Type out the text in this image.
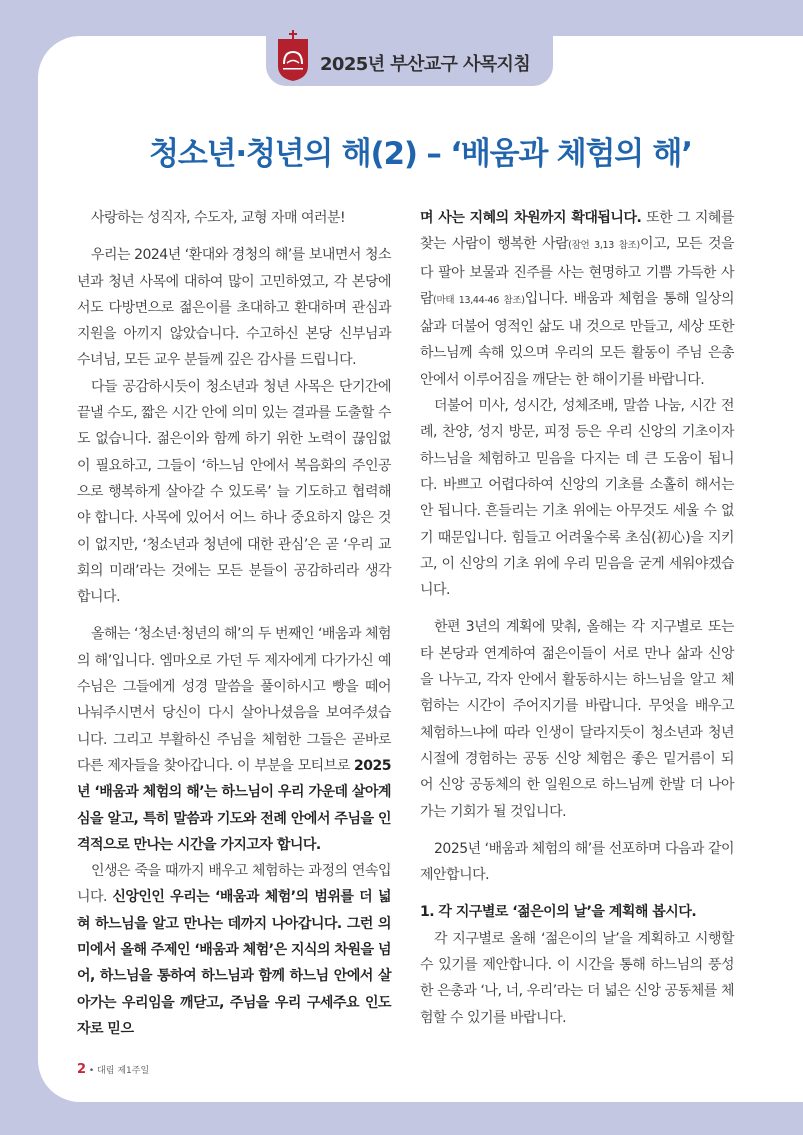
2025년 부산교구 사목지침
청소년·청년의 해(2) – ‘배움과 체험의 해’

사랑하는 성직자, 수도자, 교형 자매 여러분!

우리는 2024년 ‘환대와 경청의 해’를 보내면서 청소년과 청년 사목에 대하여 많이 고민하였고, 각 본당에서도 다방면으로 젊은이를 초대하고 환대하며 관심과 지원을 아끼지 않았습니다. 수고하신 본당 신부님과 수녀님, 모든 교우 분들께 깊은 감사를 드립니다.

다들 공감하시듯이 청소년과 청년 사목은 단기간에 끝낼 수도, 짧은 시간 안에 의미 있는 결과를 도출할 수도 없습니다. 젊은이와 함께 하기 위한 노력이 끊임없이 필요하고, 그들이 ‘하느님 안에서 복음화의 주인공으로 행복하게 살아갈 수 있도록’ 늘 기도하고 협력해야 합니다. 사목에 있어서 어느 하나 중요하지 않은 것이 없지만, ‘청소년과 청년에 대한 관심’은 곧 ‘우리 교회의 미래’라는 것에는 모든 분들이 공감하리라 생각합니다.

올해는 ‘청소년·청년의 해’의 두 번째인 ‘배움과 체험의 해’입니다. 엠마오로 가던 두 제자에게 다가가신 예수님은 그들에게 성경 말씀을 풀이하시고 빵을 떼어 나눠주시면서 당신이 다시 살아나셨음을 보여주셨습니다. 그리고 부활하신 주님을 체험한 그들은 곧바로 다른 제자들을 찾아갑니다. 이 부분을 모티브로 2025년 ‘배움과 체험의 해’는 하느님이 우리 가운데 살아계심을 알고, 특히 말씀과 기도와 전례 안에서 주님을 인격적으로 만나는 시간을 가지고자 합니다.

인생은 죽을 때까지 배우고 체험하는 과정의 연속입니다. 신앙인인 우리는 ‘배움과 체험’의 범위를 더 넓혀 하느님을 알고 만나는 데까지 나아갑니다. 그런 의미에서 올해 주제인 ‘배움과 체험’은 지식의 차원을 넘어, 하느님을 통하여 하느님과 함께 하느님 안에서 살아가는 우리임을 깨닫고, 주님을 우리 구세주요 인도자로 믿으

며 사는 지혜의 차원까지 확대됩니다. 또한 그 지혜를 찾는 사람이 행복한 사람(잠언 3,13 참조)이고, 모든 것을 다 팔아 보물과 진주를 사는 현명하고 기쁨 가득한 사람(마태 13,44-46 참조)입니다. 배움과 체험을 통해 일상의 삶과 더불어 영적인 삶도 내 것으로 만들고, 세상 또한 하느님께 속해 있으며 우리의 모든 활동이 주님 은총 안에서 이루어짐을 깨닫는 한 해이기를 바랍니다.

더불어 미사, 성시간, 성체조배, 말씀 나눔, 시간 전례, 찬양, 성지 방문, 피정 등은 우리 신앙의 기초이자 하느님을 체험하고 믿음을 다지는 데 큰 도움이 됩니다. 바쁘고 어렵다하여 신앙의 기초를 소홀히 해서는 안 됩니다. 흔들리는 기초 위에는 아무것도 세울 수 없기 때문입니다. 힘들고 어려울수록 초심(初心)을 지키고, 이 신앙의 기초 위에 우리 믿음을 굳게 세워야겠습니다.

한편 3년의 계획에 맞춰, 올해는 각 지구별로 또는 타 본당과 연계하여 젊은이들이 서로 만나 삶과 신앙을 나누고, 각자 안에서 활동하시는 하느님을 알고 체험하는 시간이 주어지기를 바랍니다. 무엇을 배우고 체험하느냐에 따라 인생이 달라지듯이 청소년과 청년 시절에 경험하는 공동 신앙 체험은 좋은 밑거름이 되어 신앙 공동체의 한 일원으로 하느님께 한발 더 나아가는 기회가 될 것입니다.

2025년 ‘배움과 체험의 해’를 선포하며 다음과 같이 제안합니다.

1. 각 지구별로 ‘젊은이의 날’을 계획해 봅시다.

각 지구별로 올해 ‘젊은이의 날’을 계획하고 시행할 수 있기를 제안합니다. 이 시간을 통해 하느님의 풍성한 은총과 ‘나, 너, 우리’라는 더 넓은 신앙 공동체를 체험할 수 있기를 바랍니다.

2 • 대림 제1주일
